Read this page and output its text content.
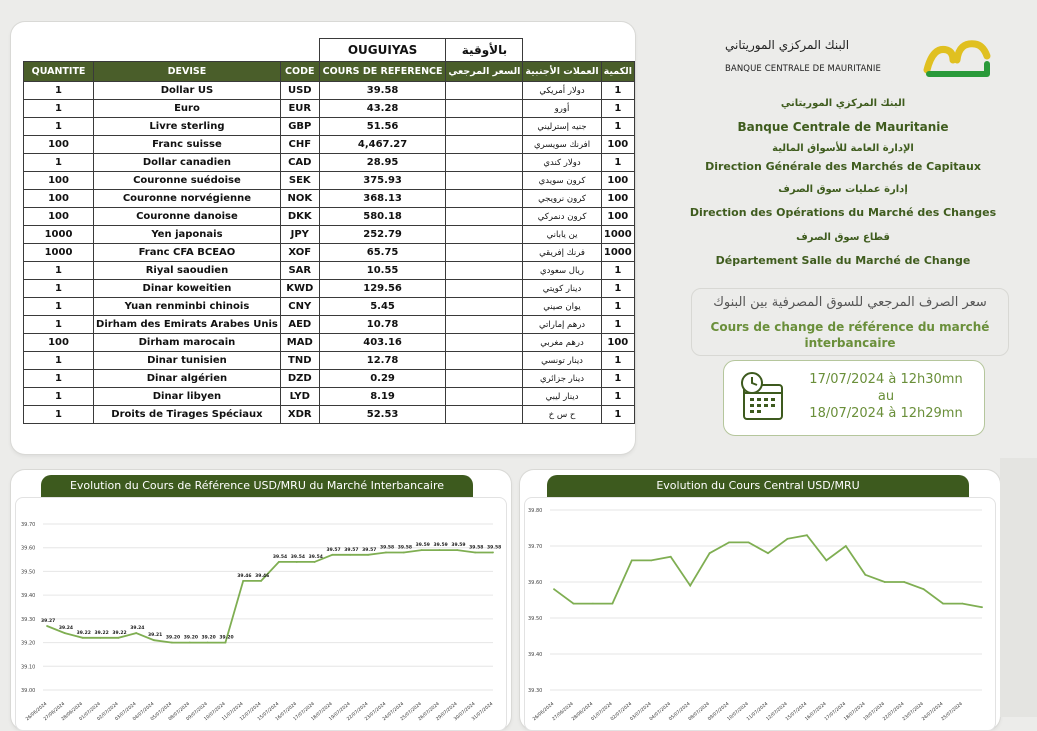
			OUGUIYAS	بالأوقية		
QUANTITE	DEVISE	CODE	COURS DE REFERENCE	السعر المرجعي	العملات الأجنبية	الكمية
1	Dollar US	USD	39.58		دولار أمريكي	1
1	Euro	EUR	43.28		أورو	1
1	Livre sterling	GBP	51.56		جنيه إسترليني	1
100	Franc suisse	CHF	4,467.27		افرنك سويسري	100
1	Dollar canadien	CAD	28.95		دولار كندي	1
100	Couronne suédoise	SEK	375.93		كرون سويدي	100
100	Couronne norvégienne	NOK	368.13		كرون نرويجي	100
100	Couronne danoise	DKK	580.18		كرون دنمركي	100
1000	Yen japonais	JPY	252.79		ين ياباني	1000
1000	Franc CFA BCEAO	XOF	65.75		فرنك إفريقي	1000
1	Riyal saoudien	SAR	10.55		ريال سعودي	1
1	Dinar koweitien	KWD	129.56		دينار كويتي	1
1	Yuan renminbi chinois	CNY	5.45		يوان صيني	1
1	Dirham des Emirats Arabes Unis	AED	10.78		درهم إماراتي	1
100	Dirham marocain	MAD	403.16		درهم مغربي	100
1	Dinar tunisien	TND	12.78		دينار تونسي	1
1	Dinar algérien	DZD	0.29		دينار جزائري	1
1	Dinar libyen	LYD	8.19		دينار ليبي	1
1	Droits de Tirages Spéciaux	XDR	52.53		ح س خ	1
البنك المركزي الموريتاني
BANQUE CENTRALE DE MAURITANIE
البنك المركزي الموريتاني
Banque Centrale de Mauritanie
الإدارة العامة للأسواق المالية
Direction Générale des Marchés de Capitaux
إدارة عمليات سوق الصرف
Direction des Opérations du Marché des Changes
قطاع سوق الصرف
Département Salle du Marché de Change
سعر الصرف المرجعي للسوق المصرفية بين البنوك
Cours de change de référence du marché interbancaire
17/07/2024 à 12h30mn
au
18/07/2024 à 12h29mn
Evolution du Cours de Référence USD/MRU du Marché Interbancaire
39.70
39.60
39.50
39.40
39.30
39.20
39.10
39.00
39.27
39.24
39.22 39.22 39.22
39.24
39.21 39.20 39.20 39.20 39.20
39.46 39.46
39.54 39.54 39.54
39.57 39.57 39.57 39.58 39.58 39.59 39.59 39.59 39.58 39.58
26/06/2024
27/06/2024
28/06/2024
01/07/2024
02/07/2024
03/07/2024
04/07/2024
05/07/2024
08/07/2024
09/07/2024
10/07/2024
11/07/2024
12/07/2024
15/07/2024
16/07/2024
17/07/2024
18/07/2024
19/07/2024
22/07/2024
23/07/2024
24/07/2024
25/07/2024
26/07/2024
29/07/2024
30/07/2024
31/07/2024
Evolution du Cours Central USD/MRU
39.80
39.70
39.60
39.50
39.40
39.30
26/06/2024
27/06/2024
28/06/2024
01/07/2024
02/07/2024
03/07/2024
04/07/2024
05/07/2024
08/07/2024
09/07/2024
10/07/2024
11/07/2024
12/07/2024
15/07/2024
16/07/2024
17/07/2024
18/07/2024
19/07/2024
22/07/2024
23/07/2024
24/07/2024
25/07/2024
